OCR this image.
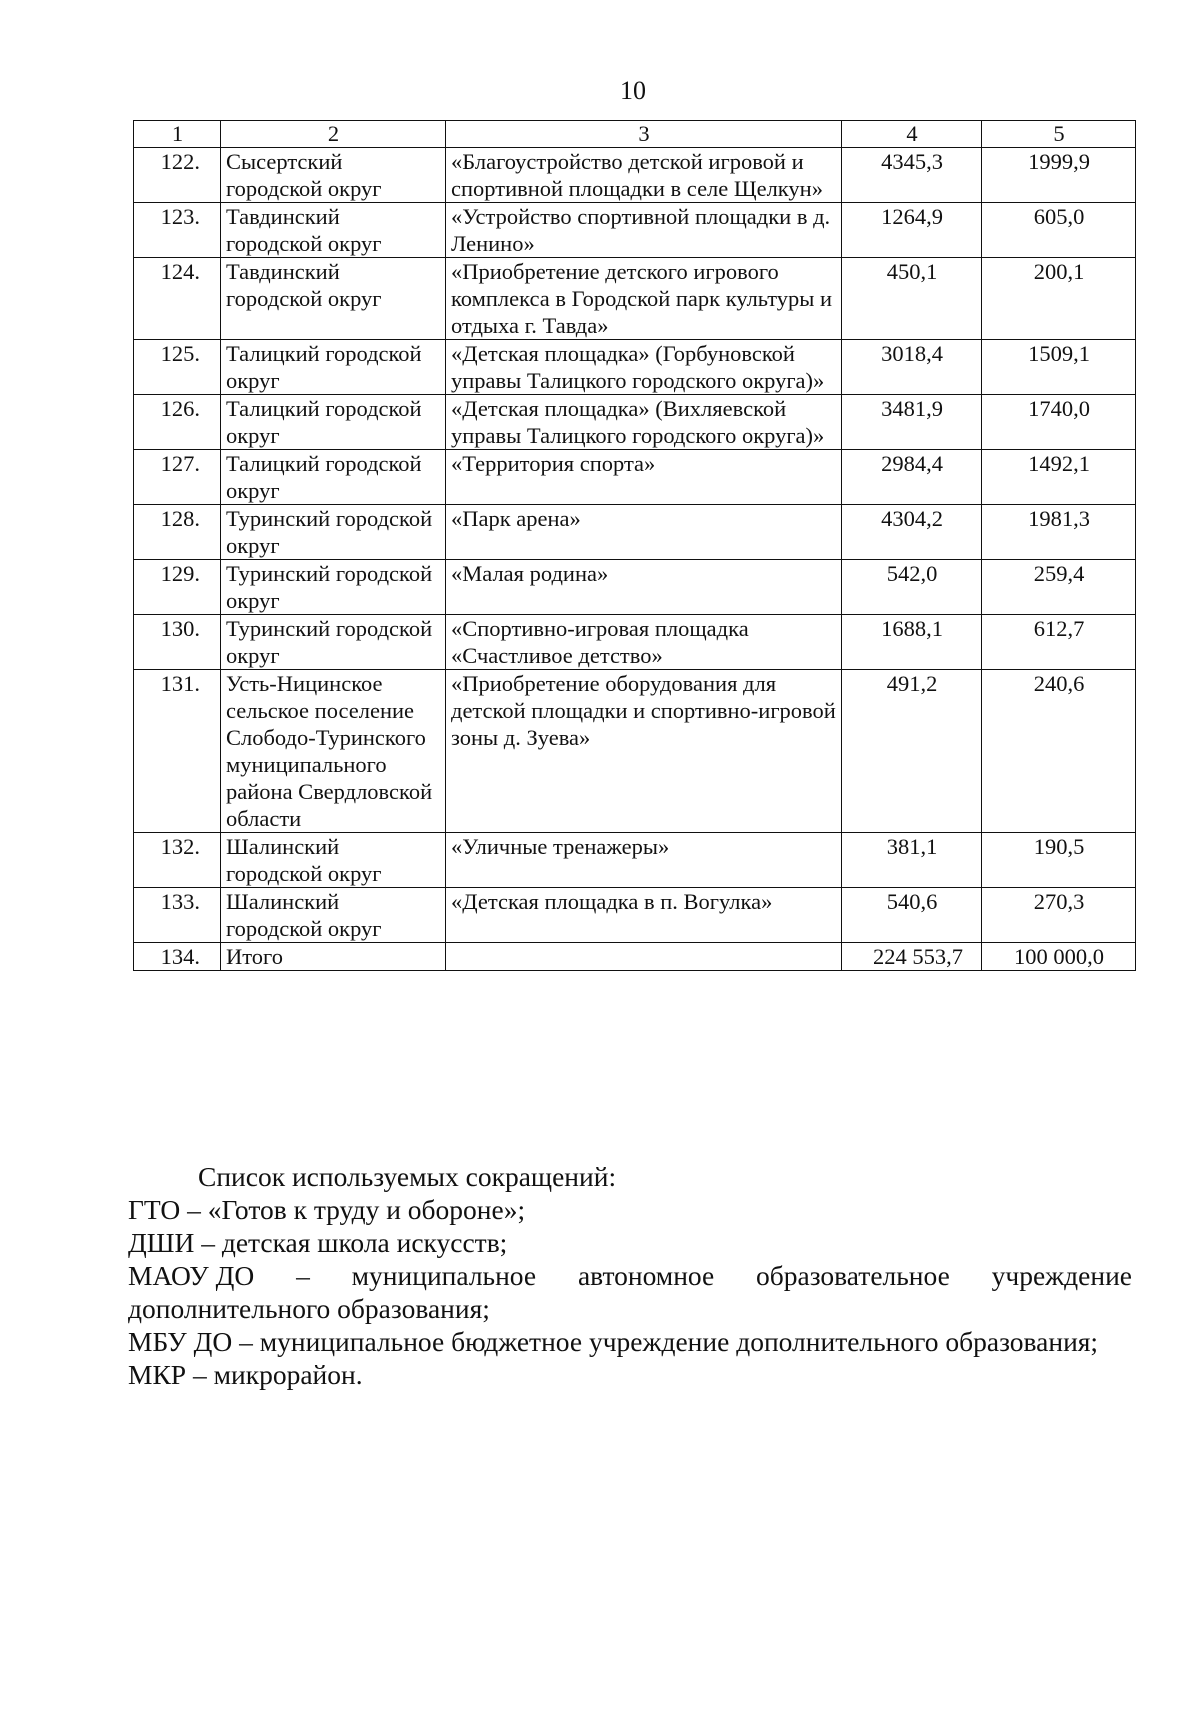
10
1	2	3	4	5
122.	Сысертский городской округ	«Благоустройство детской игровой и спортивной площадки в селе Щелкун»	4345,3	1999,9
123.	Тавдинский городской округ	«Устройство спортивной площадки в д. Ленино»	1264,9	605,0
124.	Тавдинский городской округ	«Приобретение детского игрового комплекса в Городской парк культуры и отдыха г. Тавда»	450,1	200,1
125.	Талицкий городской округ	«Детская площадка» (Горбуновской управы Талицкого городского округа)»	3018,4	1509,1
126.	Талицкий городской округ	«Детская площадка» (Вихляевской управы Талицкого городского округа)»	3481,9	1740,0
127.	Талицкий городской округ	«Территория спорта»	2984,4	1492,1
128.	Туринский городской округ	«Парк арена»	4304,2	1981,3
129.	Туринский городской округ	«Малая родина»	542,0	259,4
130.	Туринский городской округ	«Спортивно-игровая площадка «Счастливое детство»	1688,1	612,7
131.	Усть-Ницинское сельское поселение Слободо-Туринского муниципального района Свердловской области	«Приобретение оборудования для детской площадки и спортивно-игровой зоны д. Зуева»	491,2	240,6
132.	Шалинский городской округ	«Уличные тренажеры»	381,1	190,5
133.	Шалинский городской округ	«Детская площадка в п. Вогулка»	540,6	270,3
134.	Итого		224 553,7	100 000,0

Список используемых сокращений:

ГТО – «Готов к труду и обороне»;

ДШИ – детская школа искусств;

МАОУ ДО – муниципальное автономное образовательное учреждение

дополнительного образования;

МБУ ДО – муниципальное бюджетное учреждение дополнительного образования;

МКР – микрорайон.
